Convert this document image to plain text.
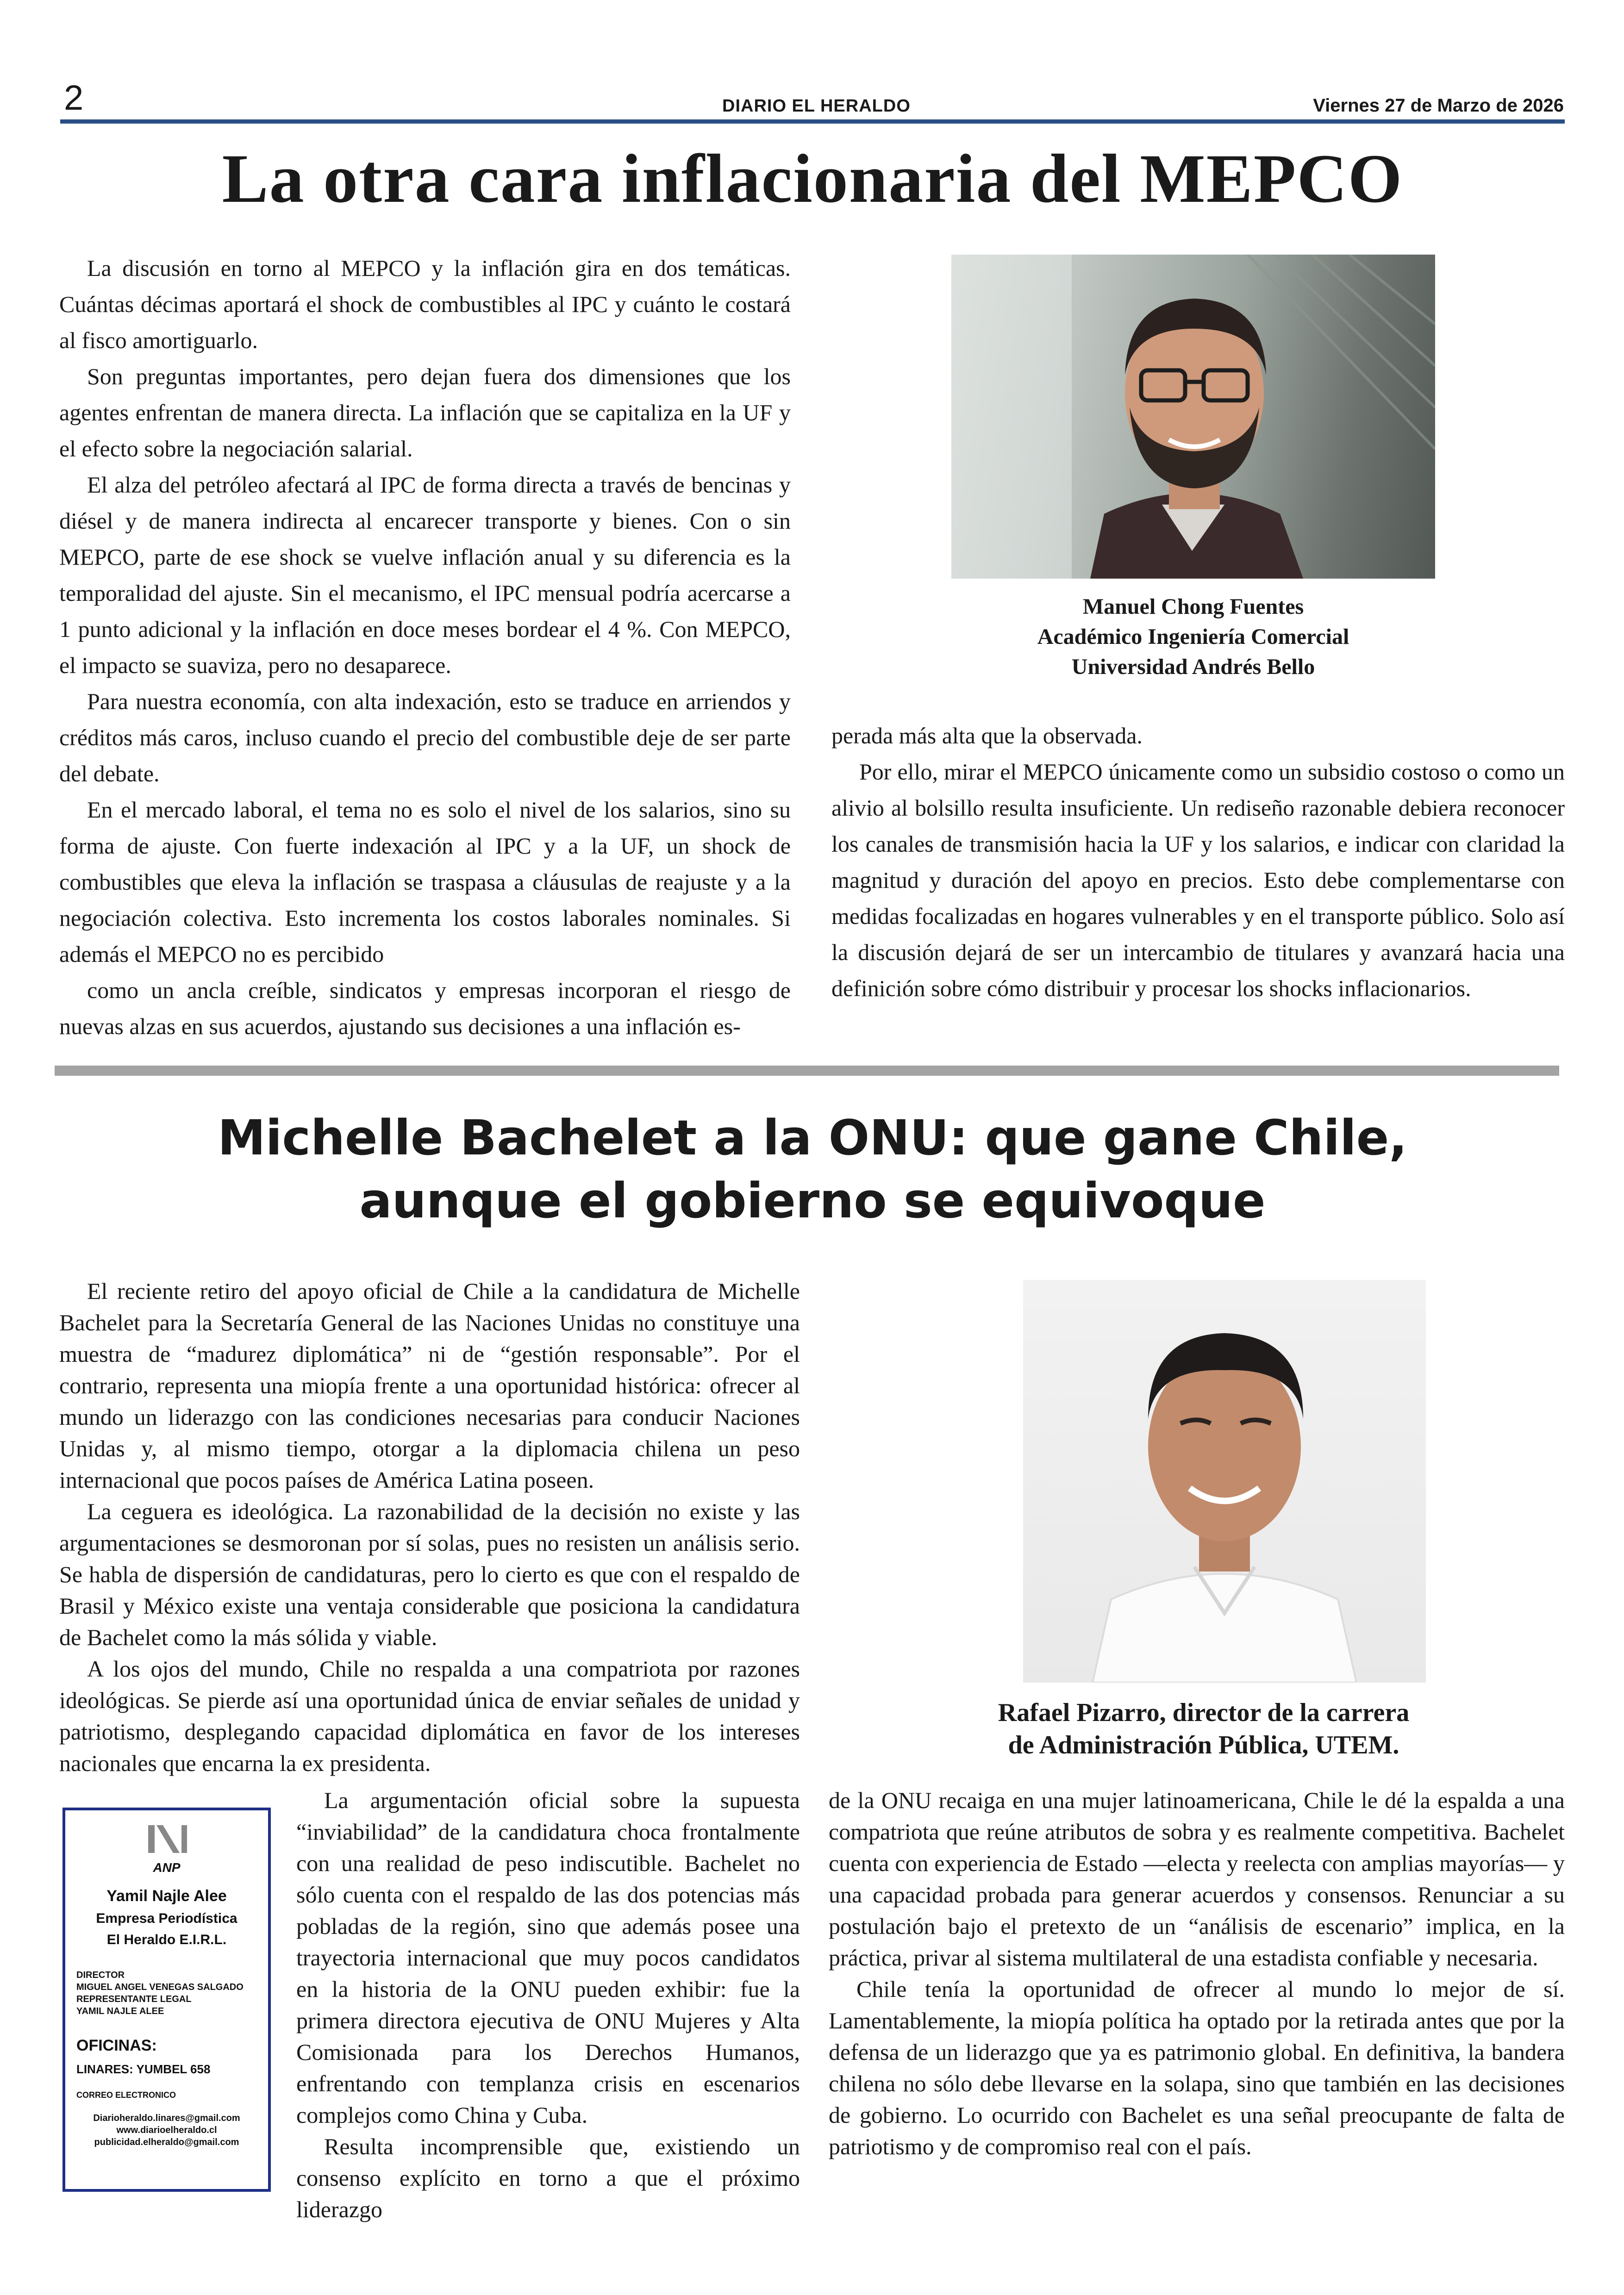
2	DIARIO EL HERALDO	Viernes 27 de Marzo de 2026
La otra cara inflacionaria del MEPCO

La discusión en torno al MEPCO y la inflación gira en dos temáticas. Cuántas décimas aportará el shock de combustibles al IPC y cuánto le costará al fisco amortiguarlo.

Son preguntas importantes, pero dejan fuera dos dimensiones que los agentes enfrentan de manera directa. La inflación que se capitaliza en la UF y el efecto sobre la negociación salarial.

El alza del petróleo afectará al IPC de forma directa a través de bencinas y diésel y de manera indirecta al encarecer transporte y bienes. Con o sin MEPCO, parte de ese shock se vuelve inflación anual y su diferencia es la temporalidad del ajuste. Sin el mecanismo, el IPC mensual podría acercarse a 1 punto adicional y la inflación en doce meses bordear el 4 %. Con MEPCO, el impacto se suaviza, pero no desaparece.

Para nuestra economía, con alta indexación, esto se traduce en arriendos y créditos más caros, incluso cuando el precio del combustible deje de ser parte del debate.

En el mercado laboral, el tema no es solo el nivel de los salarios, sino su forma de ajuste. Con fuerte indexación al IPC y a la UF, un shock de combustibles que eleva la inflación se traspasa a cláusulas de reajuste y a la negociación colectiva. Esto incrementa los costos laborales nominales. Si además el MEPCO no es percibido

como un ancla creíble, sindicatos y empresas incorporan el riesgo de nuevas alzas en sus acuerdos, ajustando sus decisiones a una inflación es-

Manuel Chong Fuentes
Académico Ingeniería Comercial
Universidad Andrés Bello

perada más alta que la observada.

Por ello, mirar el MEPCO únicamente como un subsidio costoso o como un alivio al bolsillo resulta insuficiente. Un rediseño razonable debiera reconocer los canales de transmisión hacia la UF y los salarios, e indicar con claridad la magnitud y duración del apoyo en precios. Esto debe complementarse con medidas focalizadas en hogares vulnerables y en el transporte público. Solo así la discusión dejará de ser un intercambio de titulares y avanzará hacia una definición sobre cómo distribuir y procesar los shocks inflacionarios.

Michelle Bachelet a la ONU: que gane Chile,
aunque el gobierno se equivoque

El reciente retiro del apoyo oficial de Chile a la candidatura de Michelle Bachelet para la Secretaría General de las Naciones Unidas no constituye una muestra de “madurez diplomática” ni de “gestión responsable”. Por el contrario, representa una miopía frente a una oportunidad histórica: ofrecer al mundo un liderazgo con las condiciones necesarias para conducir Naciones Unidas y, al mismo tiempo, otorgar a la diplomacia chilena un peso internacional que pocos países de América Latina poseen.

La ceguera es ideológica. La razonabilidad de la decisión no existe y las argumentaciones se desmoronan por sí solas, pues no resisten un análisis serio. Se habla de dispersión de candidaturas, pero lo cierto es que con el respaldo de Brasil y México existe una ventaja considerable que posiciona la candidatura de Bachelet como la más sólida y viable.

A los ojos del mundo, Chile no respalda a una compatriota por razones ideológicas. Se pierde así una oportunidad única de enviar señales de unidad y patriotismo, desplegando capacidad diplomática en favor de los intereses nacionales que encarna la ex presidenta.

Rafael Pizarro, director de la carrera
de Administración Pública, UTEM.

La argumentación oficial sobre la supuesta “inviabilidad” de la candidatura choca frontalmente con una realidad de peso indiscutible. Bachelet no sólo cuenta con el respaldo de las dos potencias más pobladas de la región, sino que además posee una trayectoria internacional que muy pocos candidatos en la historia de la ONU pueden exhibir: fue la primera directora ejecutiva de ONU Mujeres y Alta Comisionada para los Derechos Humanos, enfrentando con templanza crisis en escenarios complejos como China y Cuba.

Resulta incomprensible que, existiendo un consenso explícito en torno a que el próximo liderazgo

de la ONU recaiga en una mujer latinoamericana, Chile le dé la espalda a una compatriota que reúne atributos de sobra y es realmente competitiva. Bachelet cuenta con experiencia de Estado —electa y reelecta con amplias mayorías— y una capacidad probada para generar acuerdos y consensos. Renunciar a su postulación bajo el pretexto de un “análisis de escenario” implica, en la práctica, privar al sistema multilateral de una estadista confiable y necesaria.

Chile tenía la oportunidad de ofrecer al mundo lo mejor de sí. Lamentablemente, la miopía política ha optado por la retirada antes que por la defensa de un liderazgo que ya es patrimonio global. En definitiva, la bandera chilena no sólo debe llevarse en la solapa, sino que también en las decisiones de gobierno. Lo ocurrido con Bachelet es una señal preocupante de falta de patriotismo y de compromiso real con el país.

ANP
Yamil Najle Alee
Empresa Periodística
El Heraldo E.I.R.L.
DIRECTOR
MIGUEL ANGEL VENEGAS SALGADO
REPRESENTANTE LEGAL
YAMIL NAJLE ALEE
OFICINAS:
LINARES: YUMBEL 658
CORREO ELECTRONICO
Diarioheraldo.linares@gmail.com
www.diarioelheraldo.cl
publicidad.elheraldo@gmail.com
